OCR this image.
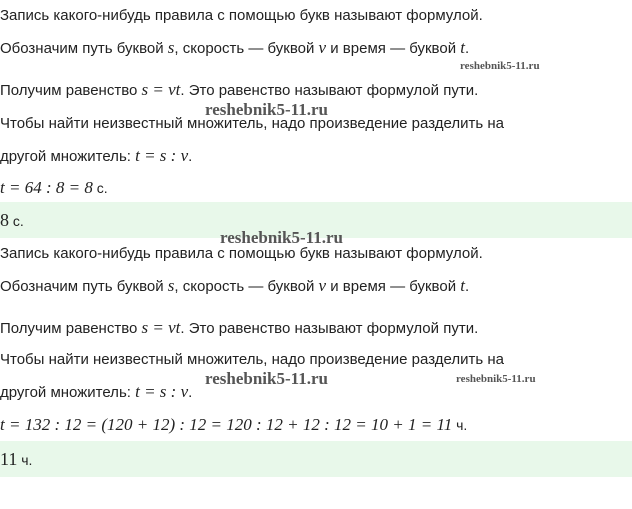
Запись какого-нибудь правила с помощью букв называют формулой.
Обозначим путь буквой s, скорость — буквой ν и время — буквой t.
Получим равенство s = νt. Это равенство называют формулой пути.
Чтобы найти неизвестный множитель, надо произведение разделить на
другой множитель: t = s : ν.
t = 64 : 8 = 8 с.
8 с.
Запись какого-нибудь правила с помощью букв называют формулой.
Обозначим путь буквой s, скорость — буквой ν и время — буквой t.
Получим равенство s = νt. Это равенство называют формулой пути.
Чтобы найти неизвестный множитель, надо произведение разделить на
другой множитель: t = s : ν.
t = 132 : 12 = (120 + 12) : 12 = 120 : 12 + 12 : 12 = 10 + 1 = 11 ч.
11 ч.
reshebnik5-11.ru
reshebnik5-11.ru
reshebnik5-11.ru
reshebnik5-11.ru	reshebnik5-11.ru
